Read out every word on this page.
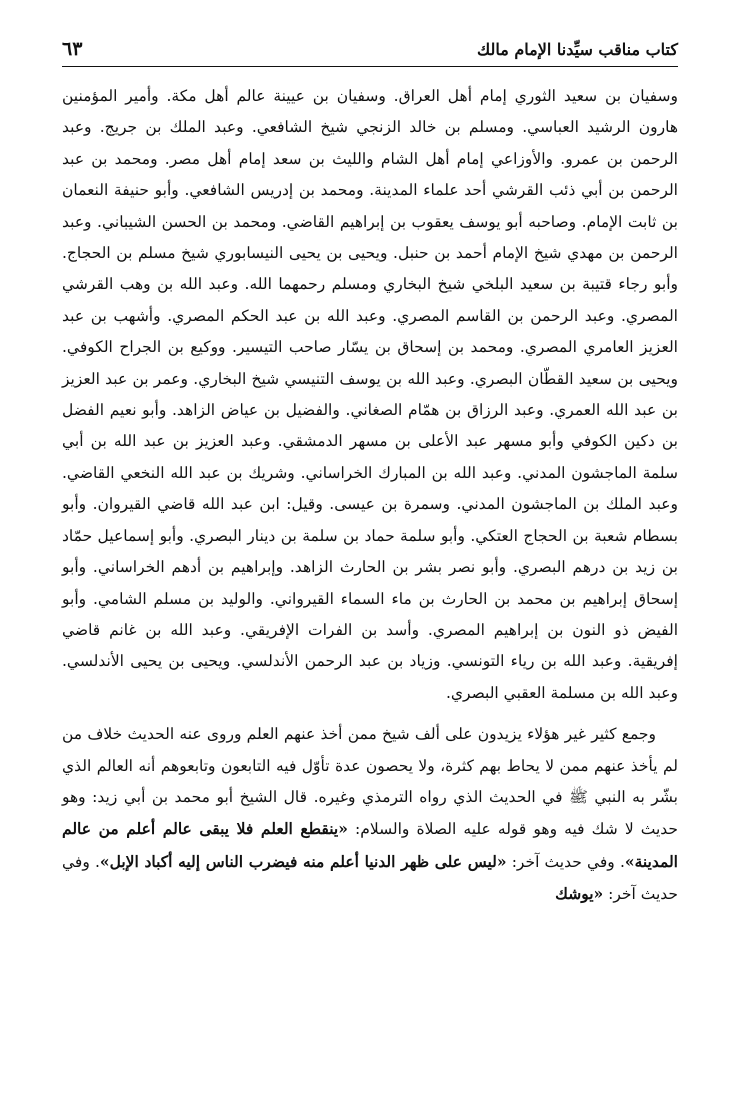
كتاب مناقب سيِّدنا الإمام مالك
٦٣

وسفيان بن سعيد الثوري إمام أهل العراق. وسفيان بن عيينة عالم أهل مكة. وأمير المؤمنين هارون الرشيد العباسي. ومسلم بن خالد الزنجي شيخ الشافعي. وعبد الملك بن جريج. وعبد الرحمن بن عمرو. والأوزاعي إمام أهل الشام والليث بن سعد إمام أهل مصر. ومحمد بن عبد الرحمن بن أبي ذئب القرشي أحد علماء المدينة. ومحمد بن إدريس الشافعي. وأبو حنيفة النعمان بن ثابت الإمام. وصاحبه أبو يوسف يعقوب بن إبراهيم القاضي. ومحمد بن الحسن الشيباني. وعبد الرحمن بن مهدي شيخ الإمام أحمد بن حنبل. ويحيى بن يحيى النيسابوري شيخ مسلم بن الحجاج. وأبو رجاء قتيبة بن سعيد البلخي شيخ البخاري ومسلم رحمهما الله. وعبد الله بن وهب القرشي المصري. وعبد الرحمن بن القاسم المصري. وعبد الله بن عبد الحكم المصري. وأشهب بن عبد العزيز العامري المصري. ومحمد بن إسحاق بن يسّار صاحب التيسير. ووكيع بن الجراح الكوفي. ويحيى بن سعيد القطّان البصري. وعبد الله بن يوسف التنيسي شيخ البخاري. وعمر بن عبد العزيز بن عبد الله العمري. وعبد الرزاق بن همّام الصغاني. والفضيل بن عياض الزاهد. وأبو نعيم الفضل بن دكين الكوفي وأبو مسهر عبد الأعلى بن مسهر الدمشقي. وعبد العزيز بن عبد الله بن أبي سلمة الماجشون المدني. وعبد الله بن المبارك الخراساني. وشريك بن عبد الله النخعي القاضي. وعبد الملك بن الماجشون المدني. وسمرة بن عيسى. وقيل: ابن عبد الله قاضي القيروان. وأبو بسطام شعبة بن الحجاج العتكي. وأبو سلمة حماد بن سلمة بن دينار البصري. وأبو إسماعيل حمّاد بن زيد بن درهم البصري. وأبو نصر بشر بن الحارث الزاهد. وإبراهيم بن أدهم الخراساني. وأبو إسحاق إبراهيم بن محمد بن الحارث بن ماء السماء القيرواني. والوليد بن مسلم الشامي. وأبو الفيض ذو النون بن إبراهيم المصري. وأسد بن الفرات الإفريقي. وعبد الله بن غانم قاضي إفريقية. وعبد الله بن رياء التونسي. وزياد بن عبد الرحمن الأندلسي. ويحيى بن يحيى الأندلسي. وعبد الله بن مسلمة العقبي البصري.

وجمع كثير غير هؤلاء يزيدون على ألف شيخ ممن أخذ عنهم العلم وروى عنه الحديث خلاف من لم يأخذ عنهم ممن لا يحاط بهم كثرة، ولا يحصون عدة تأوّل فيه التابعون وتابعوهم أنه العالم الذي بشّر به النبي ﷺ في الحديث الذي رواه الترمذي وغيره. قال الشيخ أبو محمد بن أبي زيد: وهو حديث لا شك فيه وهو قوله عليه الصلاة والسلام: «ينقطع العلم فلا يبقى عالم أعلم من عالم المدينة». وفي حديث آخر: «ليس على ظهر الدنيا أعلم منه فيضرب الناس إليه أكباد الإبل». وفي حديث آخر: «يوشك
